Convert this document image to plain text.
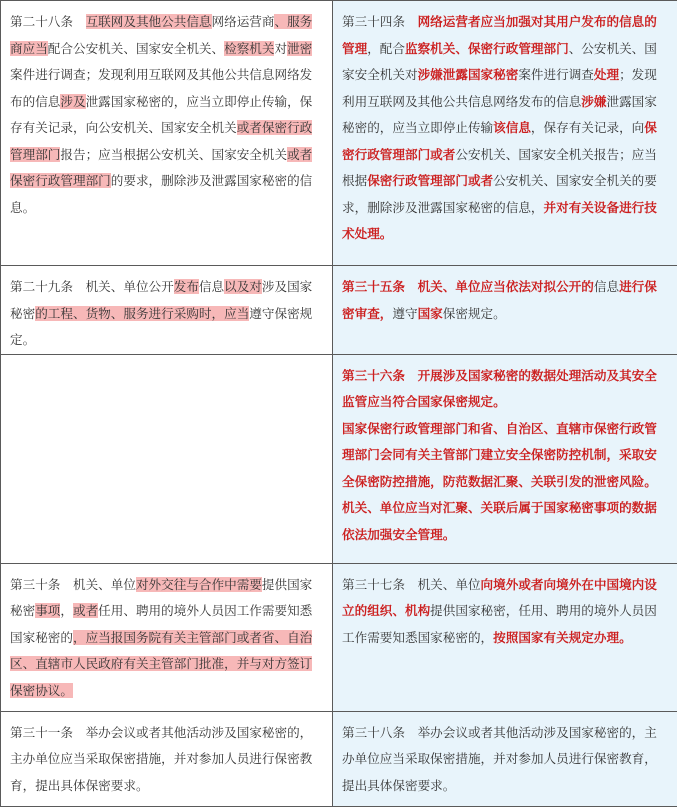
第二十八条　互联网及其他公共信息网络运营商、服务商应当配合公安机关、国家安全机关、检察机关对泄密案件进行调查；发现利用互联网及其他公共信息网络发布的信息涉及泄露国家秘密的，应当立即停止传输，保存有关记录，向公安机关、国家安全机关或者保密行政管理部门报告；应当根据公安机关、国家安全机关或者保密行政管理部门的要求，删除涉及泄露国家秘密的信息。	第三十四条　网络运营者应当加强对其用户发布的信息的管理，配合监察机关、保密行政管理部门、公安机关、国家安全机关对涉嫌泄露国家秘密案件进行调查处理；发现利用互联网及其他公共信息网络发布的信息涉嫌泄露国家秘密的，应当立即停止传输该信息，保存有关记录，向保密行政管理部门或者公安机关、国家安全机关报告；应当根据保密行政管理部门或者公安机关、国家安全机关的要求，删除涉及泄露国家秘密的信息，并对有关设备进行技术处理。
第二十九条　机关、单位公开发布信息以及对涉及国家秘密的工程、货物、服务进行采购时，应当遵守保密规定。	第三十五条　机关、单位应当依法对拟公开的信息进行保密审查，遵守国家保密规定。

	第三十六条　开展涉及国家秘密的数据处理活动及其安全监管应当符合国家保密规定。
国家保密行政管理部门和省、自治区、直辖市保密行政管理部门会同有关主管部门建立安全保密防控机制，采取安全保密防控措施，防范数据汇聚、关联引发的泄密风险。
机关、单位应当对汇聚、关联后属于国家秘密事项的数据依法加强安全管理。

第三十条　机关、单位对外交往与合作中需要提供国家秘密事项，或者任用、聘用的境外人员因工作需要知悉国家秘密的，应当报国务院有关主管部门或者省、自治区、直辖市人民政府有关主管部门批准，并与对方签订保密协议。	第三十七条　机关、单位向境外或者向境外在中国境内设立的组织、机构提供国家秘密，任用、聘用的境外人员因工作需要知悉国家秘密的，按照国家有关规定办理。
第三十一条　举办会议或者其他活动涉及国家秘密的，主办单位应当采取保密措施，并对参加人员进行保密教育，提出具体保密要求。	第三十八条　举办会议或者其他活动涉及国家秘密的，主办单位应当采取保密措施，并对参加人员进行保密教育，提出具体保密要求。
